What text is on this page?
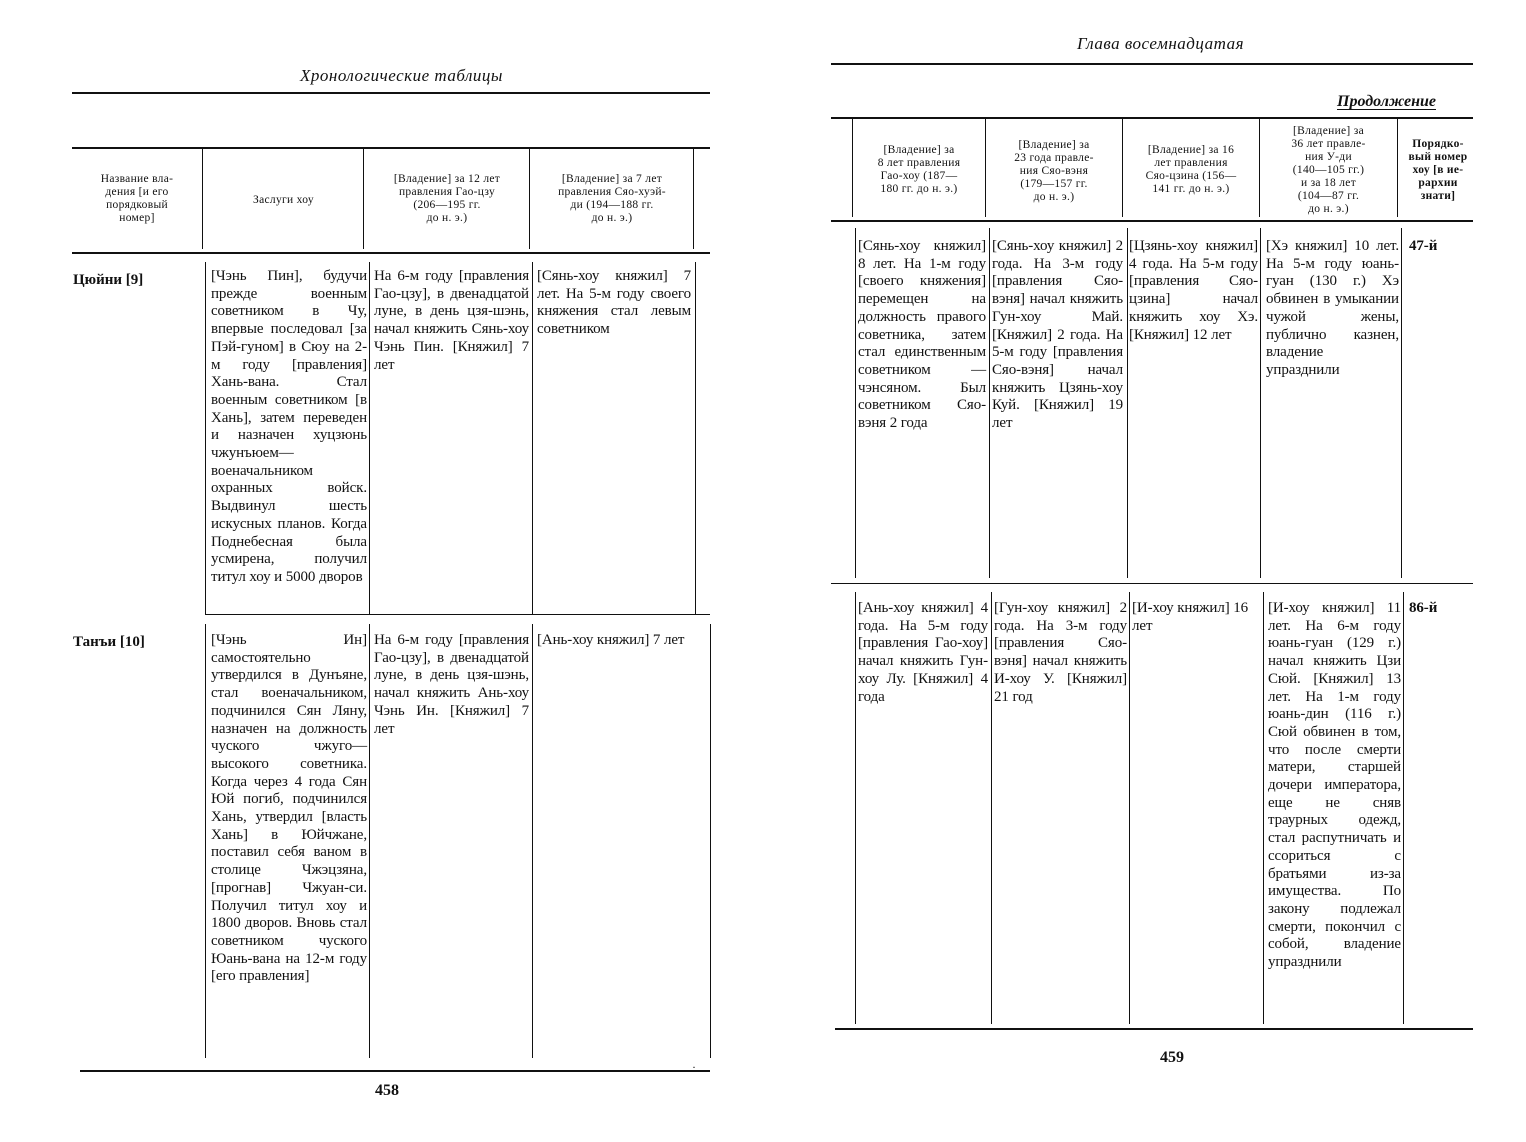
Хронологические таблицы
Название вла-
дения [и его
порядковый
номер]
Заслуги хоу
[Владение] за 12 лет
правления Гао-цзу
(206—195 гг.
до н. э.)
[Владение] за 7 лет
правления Сяо-хуэй-
ди (194—188 гг.
до н. э.)
Цюйни [9]	[Чэнь Пин], будучи прежде военным советником в Чу, впервые последовал [за Пэй-гуном] в Сюу на 2-м году [правления] Хань-вана. Стал военным советником [в Хань], затем переведен и назначен хуцзюнь чжунъюем—военачальником охранных войск. Выдвинул шесть искусных планов. Когда Поднебесная была усмирена, получил титул хоу и 5000 дворов
На 6-м году [правления Гао-цзу], в двенадцатой луне, в день цзя-шэнь, начал княжить Сянь-хоу Чэнь Пин. [Княжил] 7 лет
[Сянь-хоу княжил] 7 лет. На 5-м году своего княжения стал левым советником
Танъи [10]	[Чэнь Ин] самостоятельно утвердился в Дунъяне, стал военачальником, подчинился Сян Ляну, назначен на должность чуского чжуго—высокого советника. Когда через 4 года Сян Юй погиб, подчинился Хань, утвердил [власть Хань] в Юйчжане, поставил себя ваном в столице Чжэцзяна, [прогнав] Чжуан-си. Получил титул хоу и 1800 дворов. Вновь стал советником чуского Юань-вана на 12-м году [его правления]
На 6-м году [правления Гао-цзу], в двенадцатой луне, в день цзя-шэнь, начал княжить Ань-хоу Чэнь Ин. [Княжил] 7 лет
[Ань-хоу княжил] 7 лет
458
·
Глава восемнадцатая
Продолжение
[Владение] за
8 лет правления
Гао-хоу (187—
180 гг. до н. э.)
[Владение] за
23 года правле-
ния Сяо-вэня
(179—157 гг.
до н. э.)
[Владение] за 16
лет правления
Сяо-цзина (156—
141 гг. до н. э.)
[Владение] за
36 лет правле-
ния У-ди
(140—105 гг.)
и за 18 лет
(104—87 гг.
до н. э.)
Порядко-
вый номер
хоу [в ие-
рархии
знати]
[Сянь-хоу княжил] 8 лет. На 1-м году [своего княжения] перемещен на должность правого советника, затем стал единственным советником — чэнсяном. Был советником Сяо-вэня 2 года
[Сянь-хоу княжил] 2 года. На 3-м году [правления Сяо-вэня] начал княжить Гун-хоу Май. [Княжил] 2 года. На 5-м году [правления Сяо-вэня] начал княжить Цзянь-хоу Куй. [Княжил] 19 лет
[Цзянь-хоу княжил] 4 года. На 5-м году [правления Сяо-цзина] начал княжить хоу Хэ. [Княжил] 12 лет
[Хэ княжил] 10 лет. На 5-м году юань-гуан (130 г.) Хэ обвинен в умыкании чужой жены, публично казнен, владение упразднили
47-й
[Ань-хоу княжил] 4 года. На 5-м году [правления Гао-хоу] начал княжить Гун-хоу Лу. [Княжил] 4 года
[Гун-хоу княжил] 2 года. На 3-м году [правления Сяо-вэня] начал княжить И-хоу У. [Княжил] 21 год
[И-хоу княжил] 16 лет
[И-хоу княжил] 11 лет. На 6-м году юань-гуан (129 г.) начал княжить Цзи Сюй. [Княжил] 13 лет. На 1-м году юань-дин (116 г.) Сюй обвинен в том, что после смерти матери, старшей дочери императора, еще не сняв траурных одежд, стал распутничать и ссориться с братьями из-за имущества. По закону подлежал смерти, покончил с собой, владение упразднили
86-й
459
